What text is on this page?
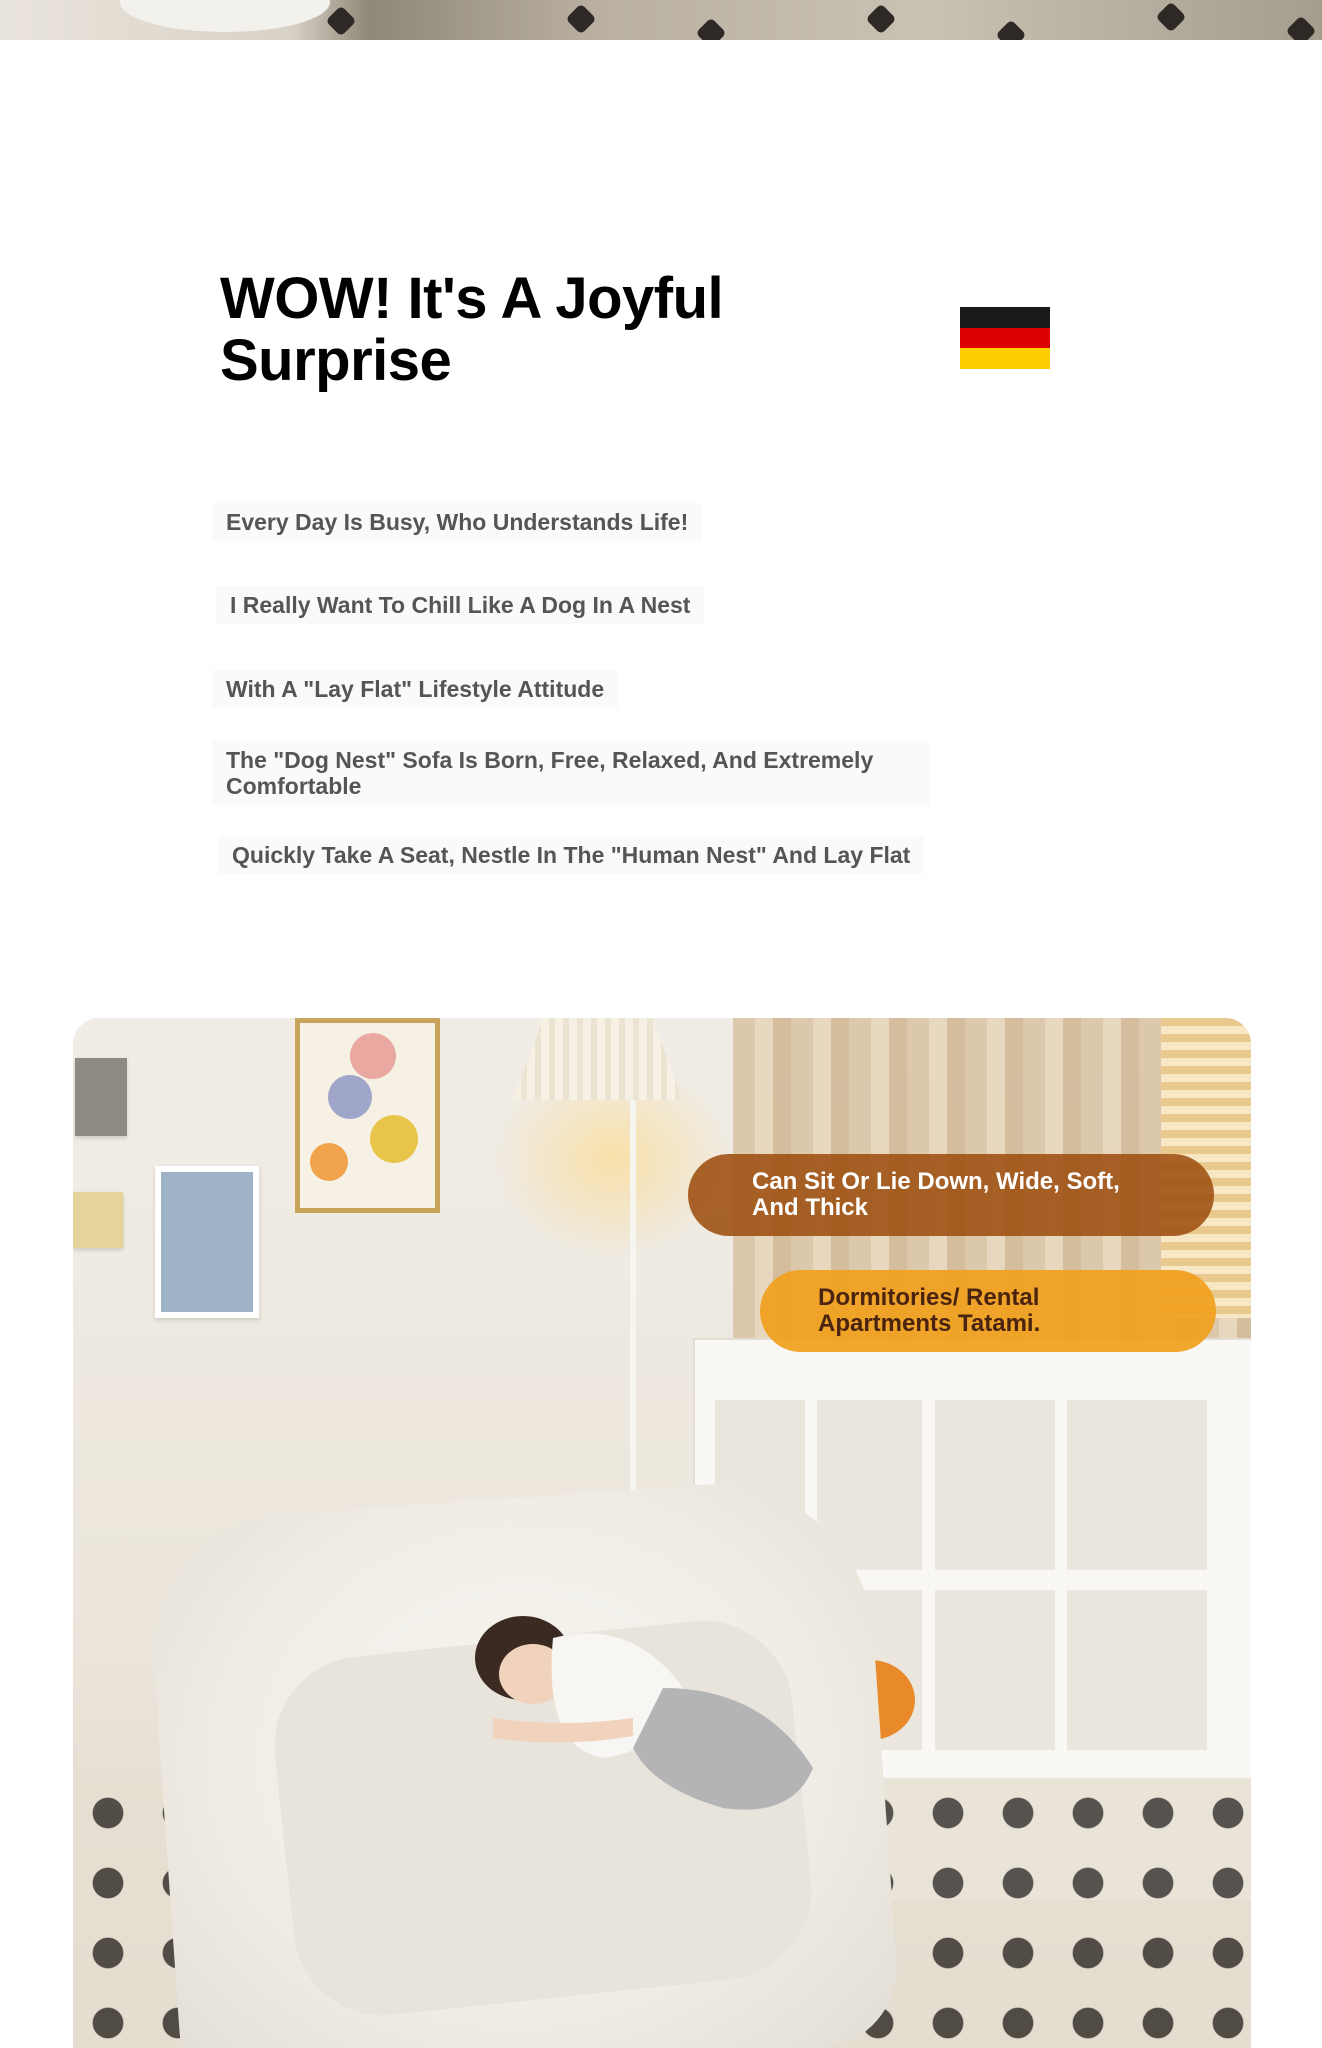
WOW! It's A Joyful Surprise

Every Day Is Busy, Who Understands Life!

I Really Want To Chill Like A Dog In A Nest

With A "Lay Flat" Lifestyle Attitude

The "Dog Nest" Sofa Is Born, Free, Relaxed, And Extremely Comfortable

Quickly Take A Seat, Nestle In The "Human Nest" And Lay Flat

Can Sit Or Lie Down, Wide, Soft, And Thick
Dormitories/ Rental Apartments Tatami.
